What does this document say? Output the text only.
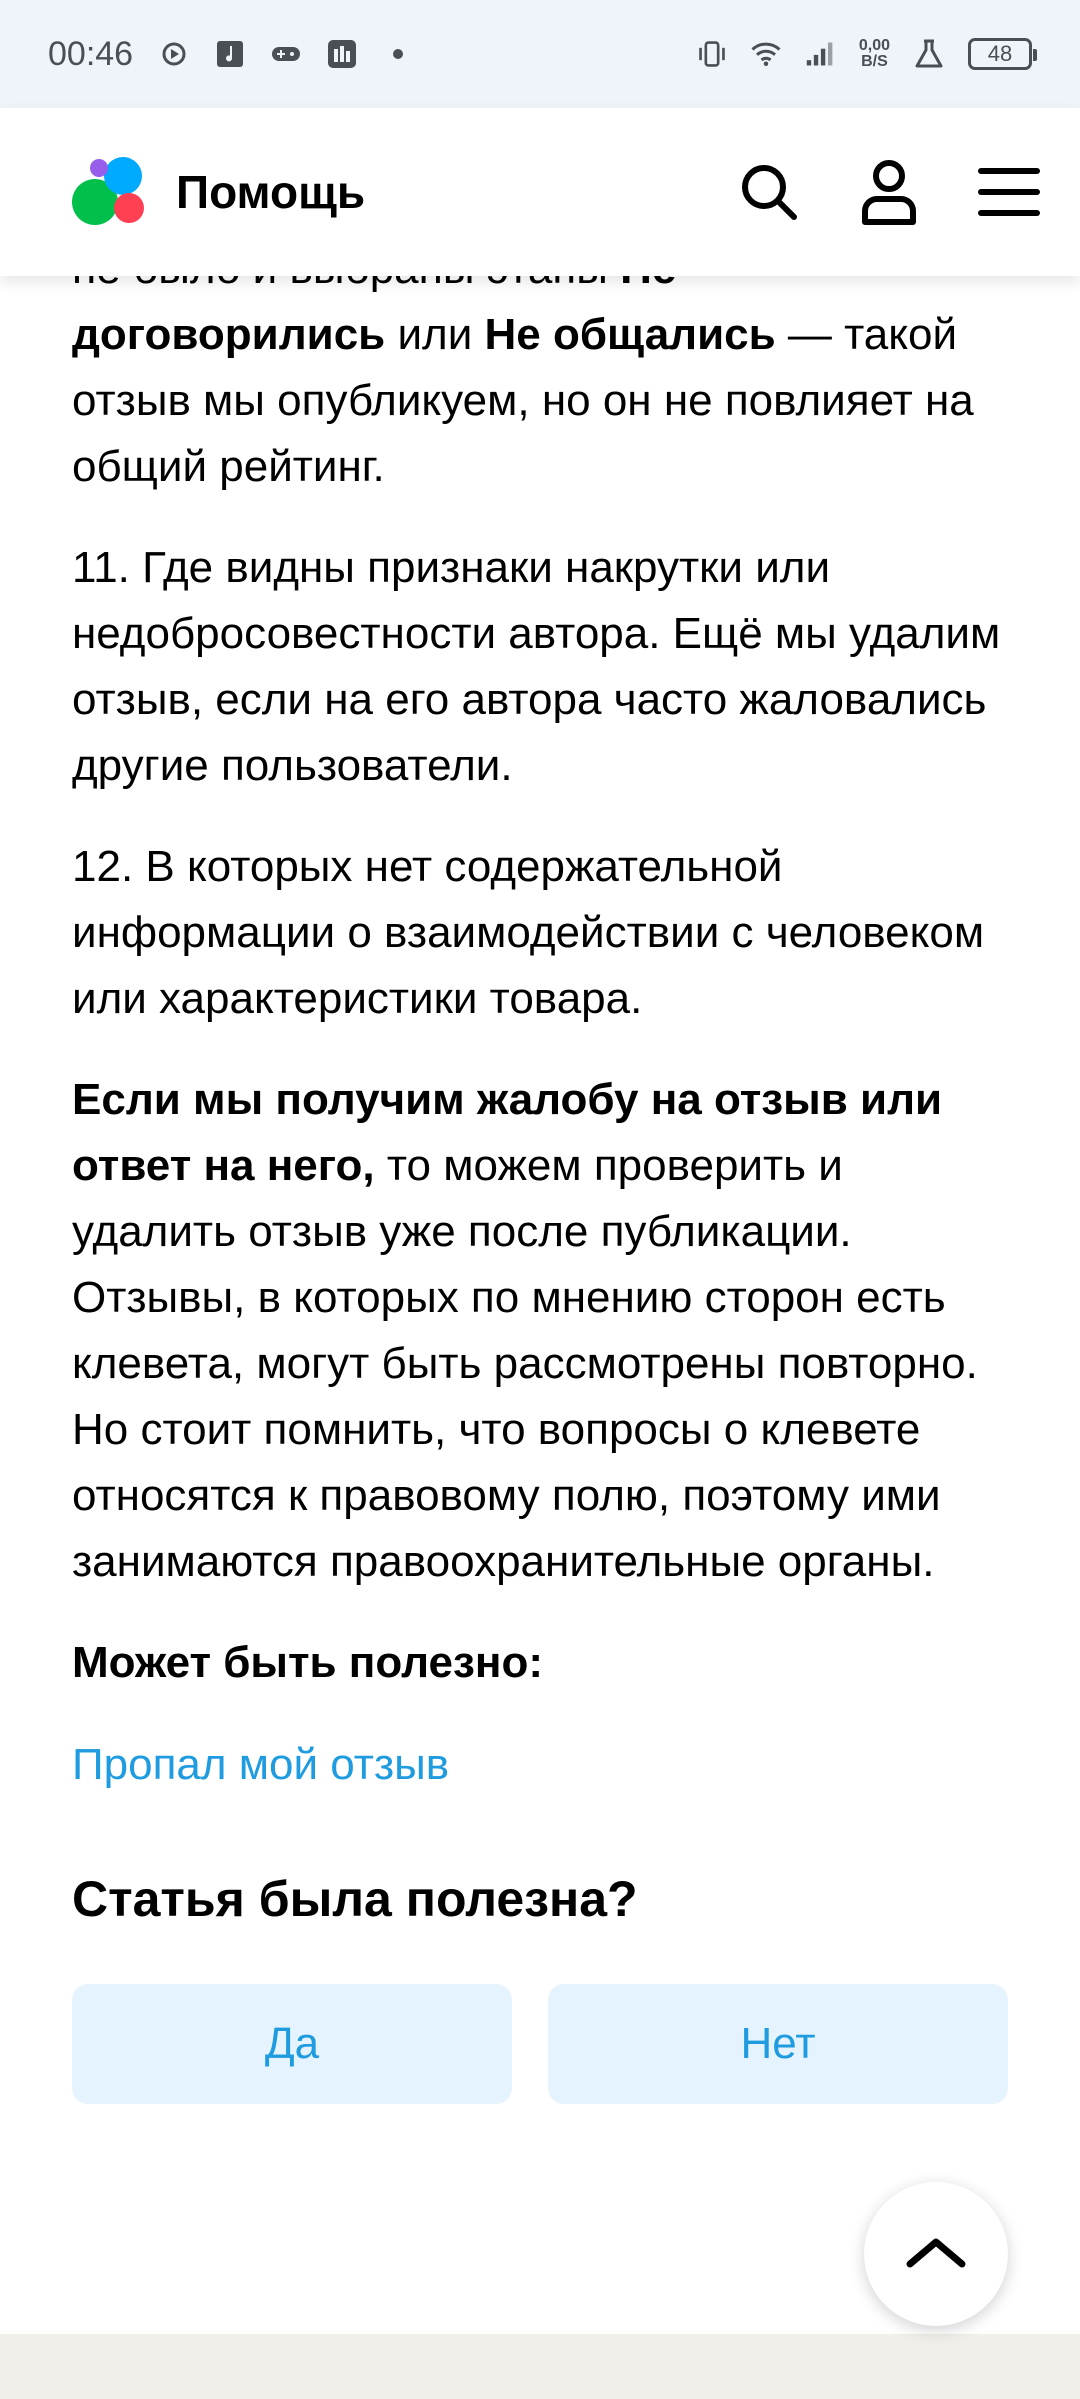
00:46	0,00
B/S	48
Помощь

договорились или Не общались — такой отзыв мы опубликуем, но он не повлияет на общий рейтинг.

11. Где видны признаки накрутки или недобросовестности автора. Ещё мы удалим отзыв, если на его автора часто жаловались другие пользователи.

12. В которых нет содержательной информации о взаимодействии с человеком или характеристики товара.

Если мы получим жалобу на отзыв или ответ на него, то можем проверить и удалить отзыв уже после публикации. Отзывы, в которых по мнению сторон есть клевета, могут быть рассмотрены повторно. Но стоит помнить, что вопросы о клевете относятся к правовому полю, поэтому ими занимаются правоохранительные органы.

Может быть полезно:
Пропал мой отзыв
Статья была полезна?
Да	Нет
